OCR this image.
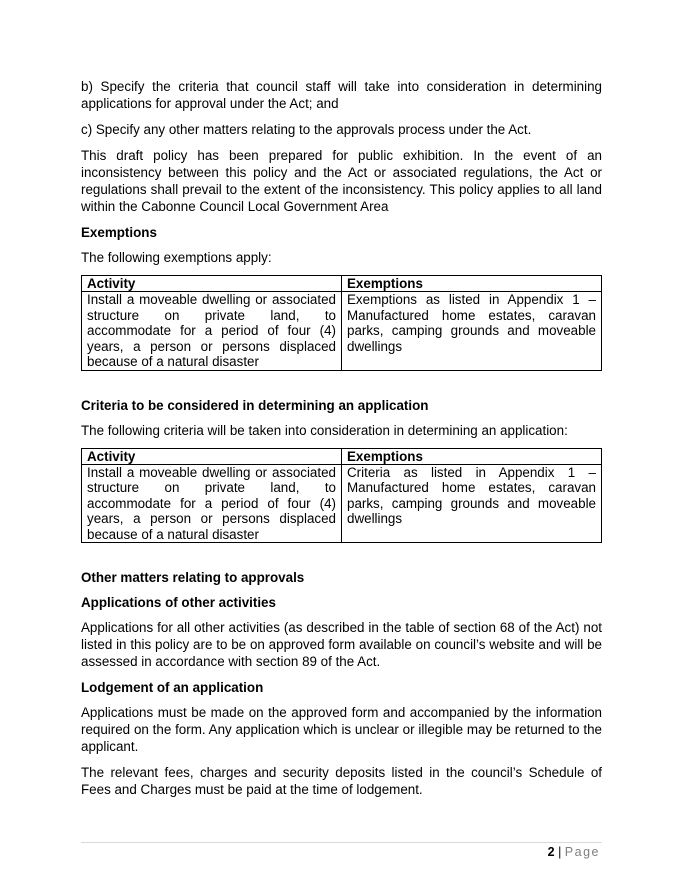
b) Specify the criteria that council staff will take into consideration in determining applications for approval under the Act; and

c) Specify any other matters relating to the approvals process under the Act.

This draft policy has been prepared for public exhibition. In the event of an inconsistency between this policy and the Act or associated regulations, the Act or regulations shall prevail to the extent of the inconsistency. This policy applies to all land within the Cabonne Council Local Government Area

Exemptions

The following exemptions apply:

Activity	Exemptions
Install a moveable dwelling or associated structure on private land, to accommodate for a period of four (4) years, a person or persons displaced because of a natural disaster	Exemptions as listed in Appendix 1 – Manufactured home estates, caravan parks, camping grounds and moveable dwellings
Criteria to be considered in determining an application

The following criteria will be taken into consideration in determining an application:

Activity	Exemptions
Install a moveable dwelling or associated structure on private land, to accommodate for a period of four (4) years, a person or persons displaced because of a natural disaster	Criteria as listed in Appendix 1 – Manufactured home estates, caravan parks, camping grounds and moveable dwellings
Other matters relating to approvals
Applications of other activities

Applications for all other activities (as described in the table of section 68 of the Act) not listed in this policy are to be on approved form available on council’s website and will be assessed in accordance with section 89 of the Act.

Lodgement of an application

Applications must be made on the approved form and accompanied by the information required on the form. Any application which is unclear or illegible may be returned to the applicant.

The relevant fees, charges and security deposits listed in the council’s Schedule of Fees and Charges must be paid at the time of lodgement.

2 | Page
